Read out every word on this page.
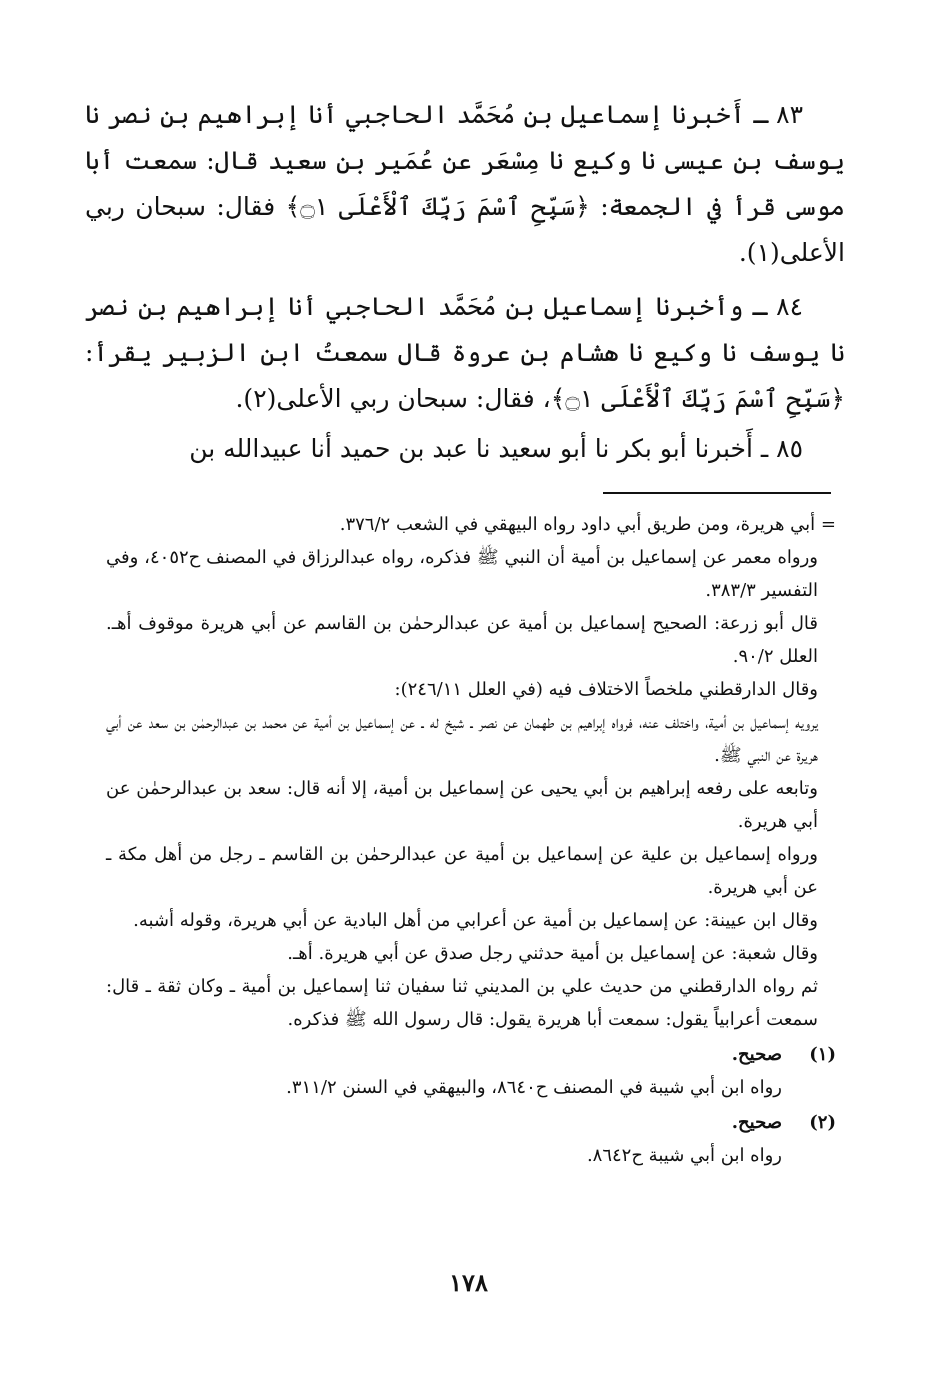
٨٣ ـ أَخبرنا إسماعيل بن مُحَمَّد الحاجبي أنا إبراهيم بن نصر نا يوسف بن عيسى نا وكيع نا مِسْعَر عن عُمَير بن سعيد قال: سمعت أبا موسى قرأ في الجمعة: ﴿سَبِّحِ ٱسْمَ رَبِّكَ ٱلْأَعْلَى ۝١﴾ فقال: سبحان ربي الأعلى(١).

٨٤ ـ وأخبرنا إسماعيل بن مُحَمَّد الحاجبي أنا إبراهيم بن نصر نا يوسف نا وكيع نا هشام بن عروة قال سمعتُ ابن الزبير يقرأ: ﴿سَبِّحِ ٱسْمَ رَبِّكَ ٱلْأَعْلَى ۝١﴾، فقال: سبحان ربي الأعلى(٢).

٨٥ ـ أَخبرنا أبو بكر نا أبو سعيد نا عبد بن حميد أنا عبيدالله بن

= أبي هريرة، ومن طريق أبي داود رواه البيهقي في الشعب ٣٧٦/٢.
ورواه معمر عن إسماعيل بن أمية أن النبي ﷺ فذكره، رواه عبدالرزاق في المصنف ح٤٠٥٢، وفي التفسير ٣٨٣/٣.
قال أبو زرعة: الصحيح إسماعيل بن أمية عن عبدالرحمٰن بن القاسم عن أبي هريرة موقوف أهـ. العلل ٩٠/٢.
وقال الدارقطني ملخصاً الاختلاف فيه (في العلل ٢٤٦/١١):
يرويه إسماعيل بن أمية، واختلف عنه، فرواه إبراهيم بن طهمان عن نصر ـ شيخ له ـ عن إسماعيل بن أمية عن محمد بن عبدالرحمٰن بن سعد عن أبي هريرة عن النبي ﷺ.
وتابعه على رفعه إبراهيم بن أبي يحيى عن إسماعيل بن أمية، إلا أنه قال: سعد بن عبدالرحمٰن عن أبي هريرة.
ورواه إسماعيل بن علية عن إسماعيل بن أمية عن عبدالرحمٰن بن القاسم ـ رجل من أهل مكة ـ عن أبي هريرة.
وقال ابن عيينة: عن إسماعيل بن أمية عن أعرابي من أهل البادية عن أبي هريرة، وقوله أشبه.
وقال شعبة: عن إسماعيل بن أمية حدثني رجل صدق عن أبي هريرة. أهـ.
ثم رواه الدارقطني من حديث علي بن المديني ثنا سفيان ثنا إسماعيل بن أمية ـ وكان ثقة ـ قال: سمعت أعرابياً يقول: سمعت أبا هريرة يقول: قال رسول الله ﷺ فذكره.
(١)
صحيح.
رواه ابن أبي شيبة في المصنف ح٨٦٤٠، والبيهقي في السنن ٣١١/٢.
(٢)
صحيح.
رواه ابن أبي شيبة ح٨٦٤٢.
١٧٨
